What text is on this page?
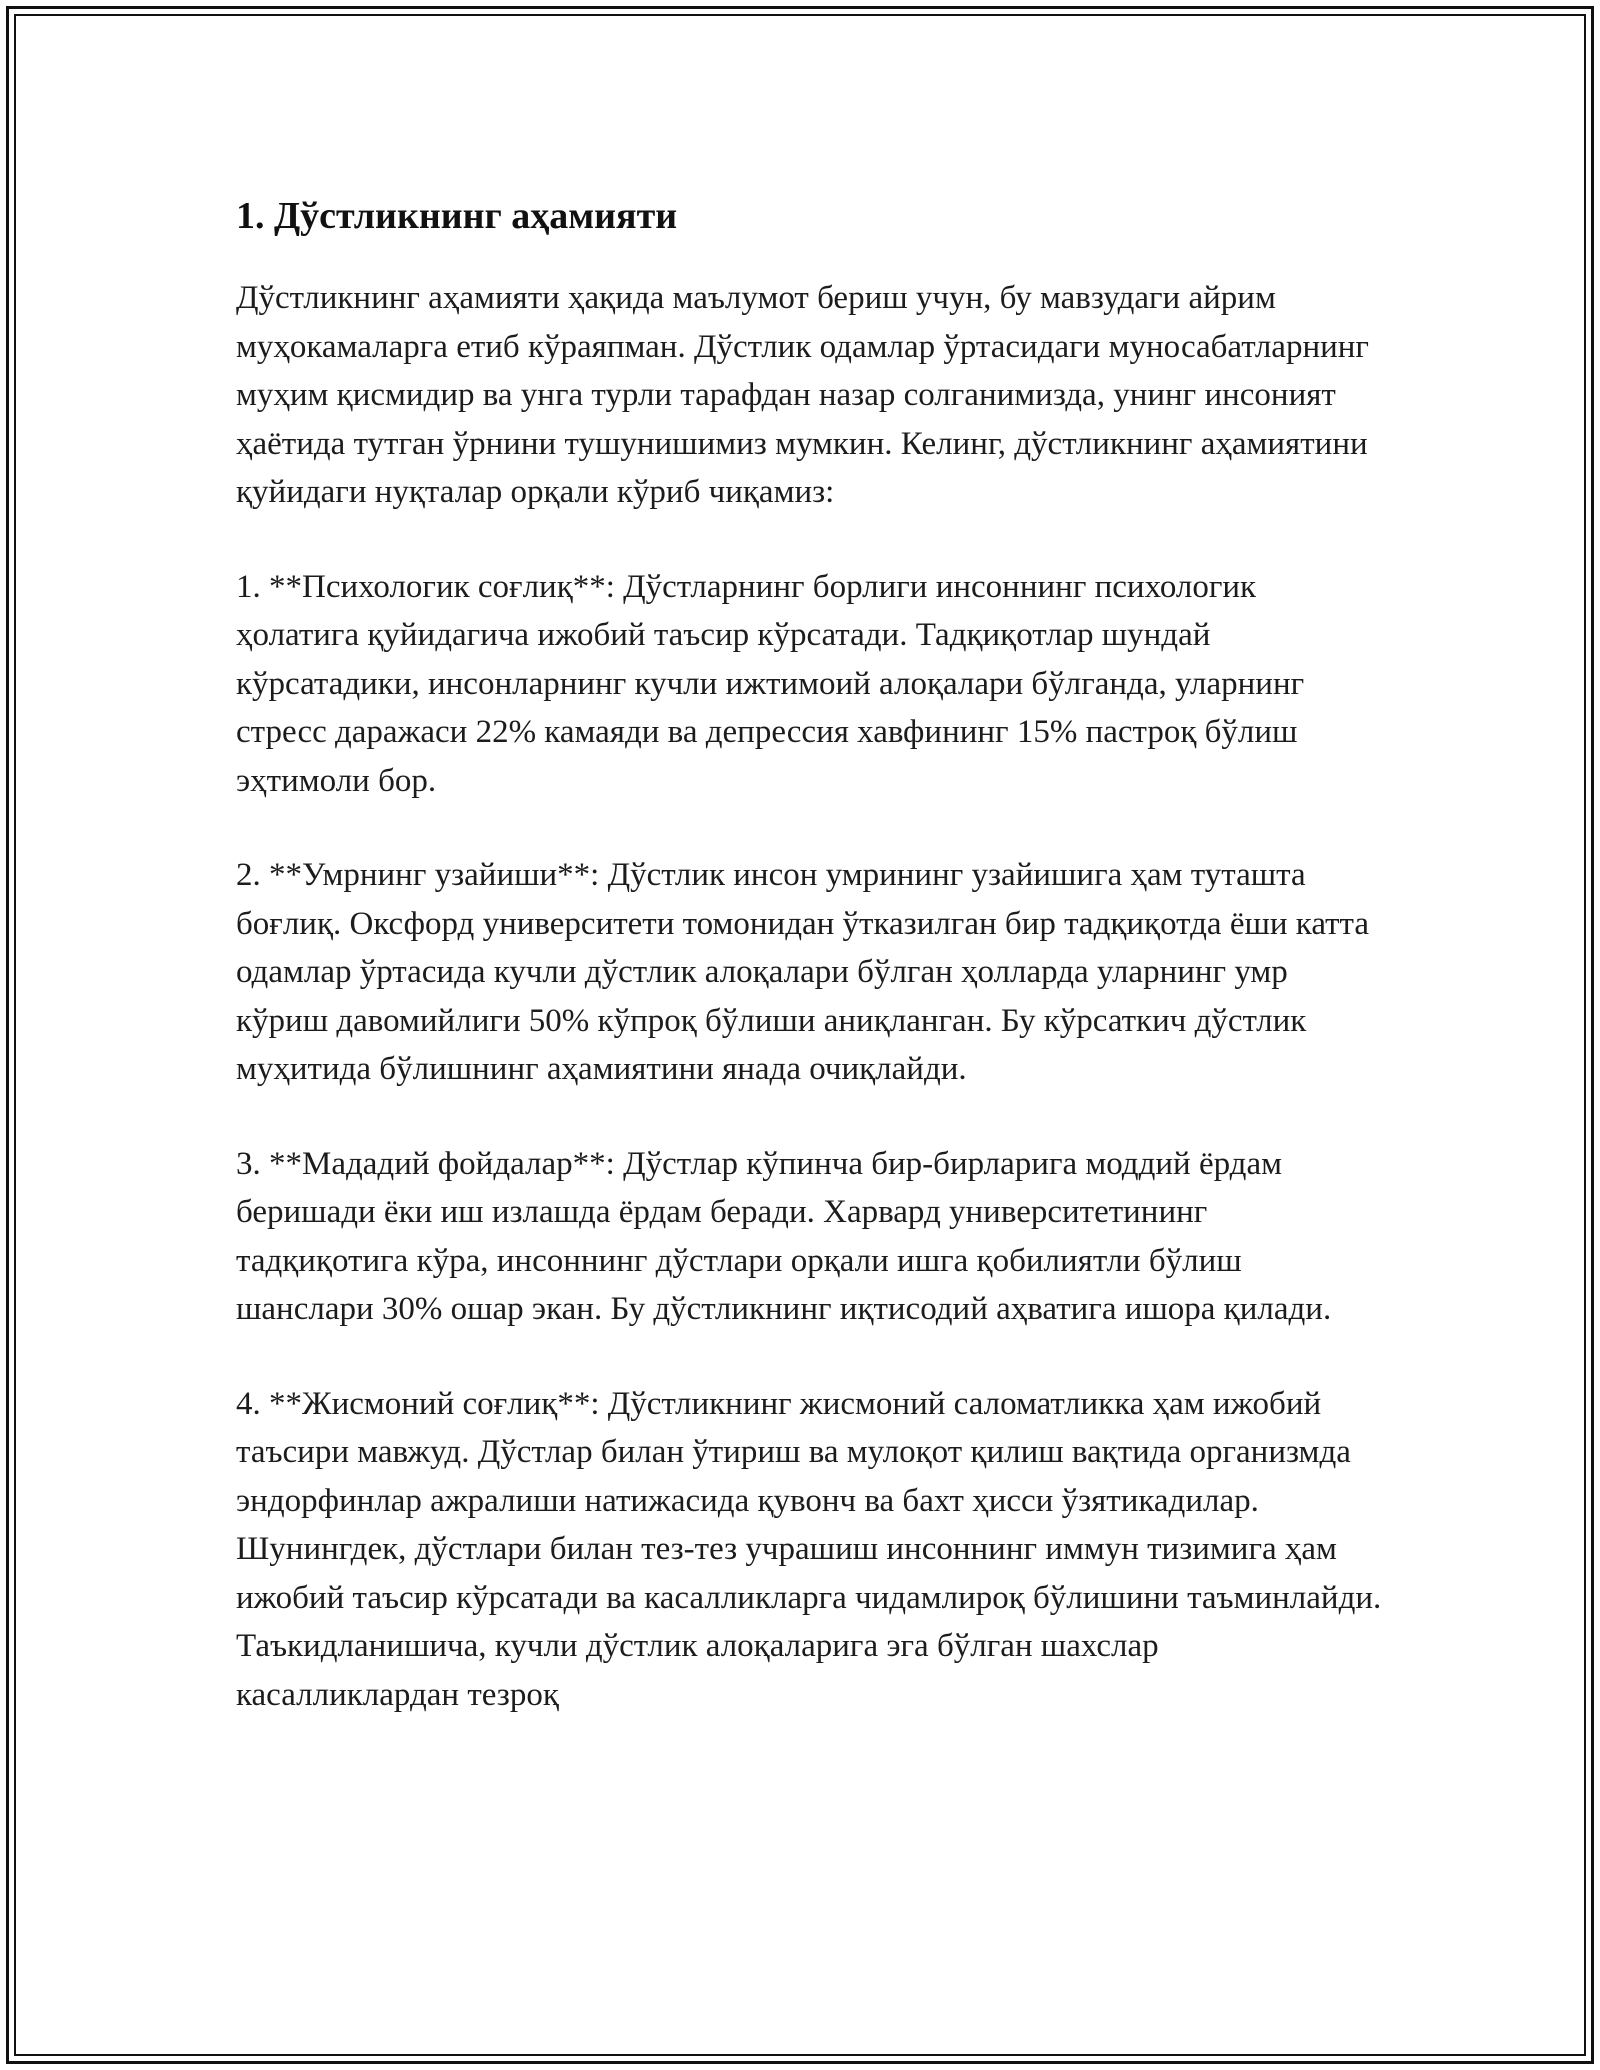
1. Дўстликнинг аҳамияти

Дўстликнинг аҳамияти ҳақида маълумот бериш учун, бу мавзудаги айрим муҳокамаларга етиб кўраяпман. Дўстлик одамлар ўртасидаги муносабатларнинг муҳим қисмидир ва унга турли тарафдан назар солганимизда, унинг инсоният ҳаётида тутган ўрнини тушунишимиз мумкин. Келинг, дўстликнинг аҳамиятини қуйидаги нуқталар орқали кўриб чиқамиз:

1. **Психологик соғлиқ**: Дўстларнинг борлиги инсоннинг психологик ҳолатига қуйидагича ижобий таъсир кўрсатади. Тадқиқотлар шундай кўрсатадики, инсонларнинг кучли ижтимоий алоқалари бўлганда, уларнинг стресс даражаси 22% камаяди ва депрессия хавфининг 15% пастроқ бўлиш эҳтимоли бор.

2. **Умрнинг узайиши**: Дўстлик инсон умрининг узайишига ҳам туташта боғлиқ. Оксфорд университети томонидан ўтказилган бир тадқиқотда ёши катта одамлар ўртасида кучли дўстлик алоқалари бўлган ҳолларда уларнинг умр кўриш давомийлиги 50% кўпроқ бўлиши аниқланган. Бу кўрсаткич дўстлик муҳитида бўлишнинг аҳамиятини янада очиқлайди.

3. **Мададий фойдалар**: Дўстлар кўпинча бир-бирларига моддий ёрдам беришади ёки иш излашда ёрдам беради. Харвард университетининг тадқиқотига кўра, инсоннинг дўстлари орқали ишга қобилиятли бўлиш шанслари 30% ошар экан. Бу дўстликнинг иқтисодий аҳватига ишора қилади.

4. **Жисмоний соғлиқ**: Дўстликнинг жисмоний саломатликка ҳам ижобий таъсири мавжуд. Дўстлар билан ўтириш ва мулоқот қилиш вақтида организмда эндорфинлар ажралиши натижасида қувонч ва бахт ҳисси ўзятикадилар. Шунингдек, дўстлари билан тез-тез учрашиш инсоннинг иммун тизимига ҳам ижобий таъсир кўрсатади ва касалликларга чидамлироқ бўлишини таъминлайди. Таъкидланишича, кучли дўстлик алоқаларига эга бўлган шахслар касалликлардан тезроқ
